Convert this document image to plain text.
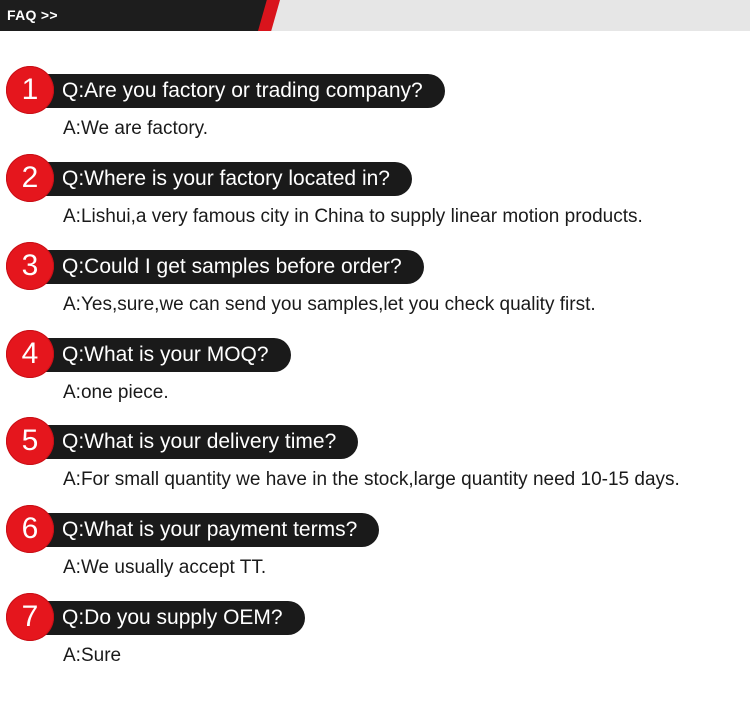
FAQ >>
Q:Are you factory or trading company?
1
A:We are factory.
Q:Where is your factory located in?
2
A:Lishui,a very famous city in China to supply linear motion products.
Q:Could I get samples before order?
3
A:Yes,sure,we can send you samples,let you check quality first.
Q:What is your MOQ?
4
A:one piece.
Q:What is your delivery time?
5
A:For small quantity we have in the stock,large quantity need 10-15 days.
Q:What is your payment terms?
6
A:We usually accept TT.
Q:Do you supply OEM?
7
A:Sure
